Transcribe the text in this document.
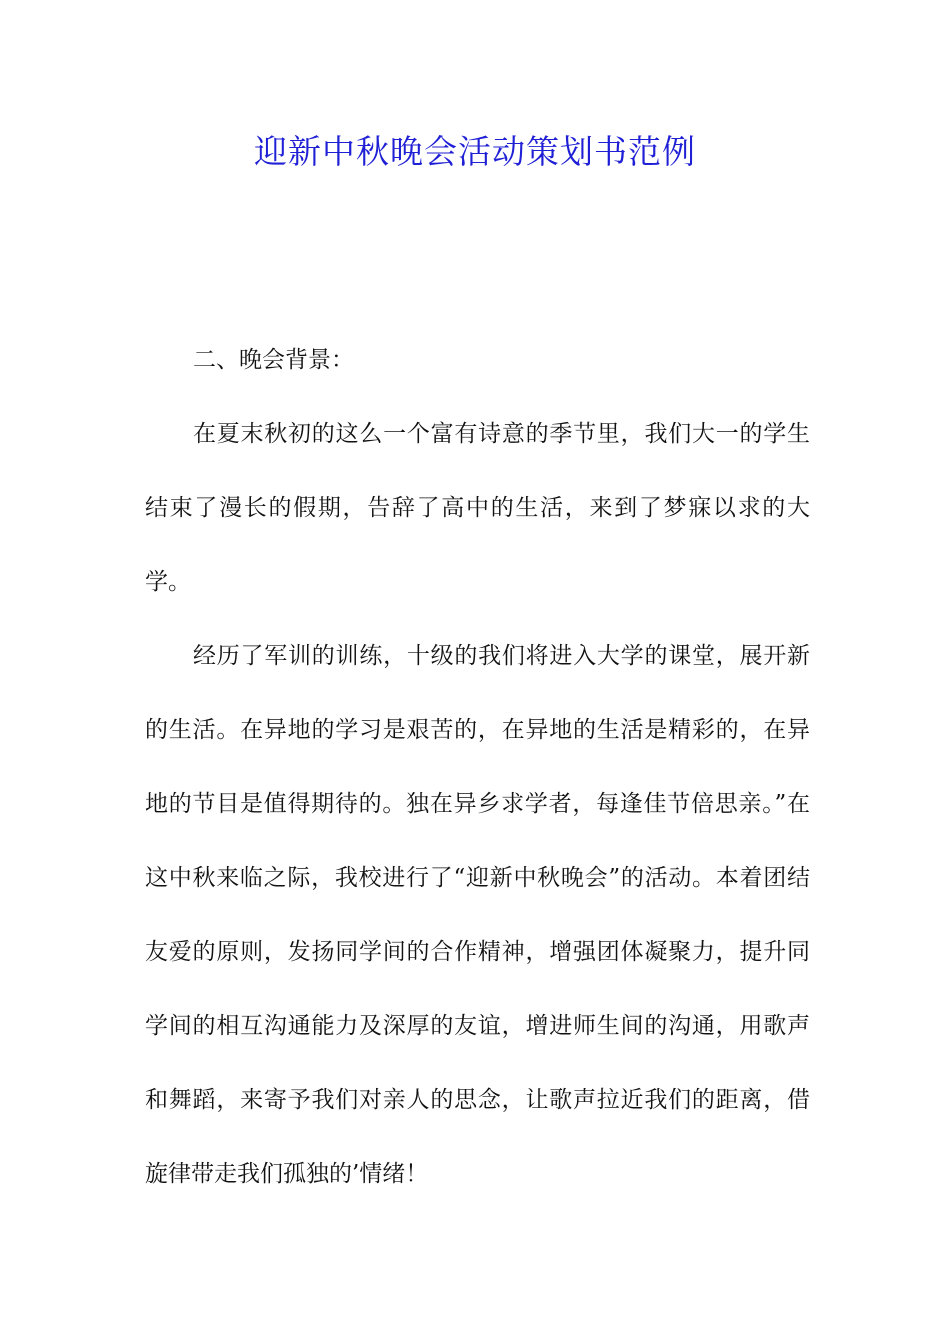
迎新中秋晚会活动策划书范例
二、晚会背景：

在夏末秋初的这么一个富有诗意的季节里，我们大一的学生结束了漫长的假期，告辞了高中的生活，来到了梦寐以求的大学。

经历了军训的训练，十级的我们将进入大学的课堂，展开新的生活。在异地的学习是艰苦的，在异地的生活是精彩的，在异地的节目是值得期待的。独在异乡求学者，每逢佳节倍思亲。”在这中秋来临之际，我校进行了“迎新中秋晚会”的活动。本着团结友爱的原则，发扬同学间的合作精神，增强团体凝聚力，提升同学间的相互沟通能力及深厚的友谊，增进师生间的沟通，用歌声和舞蹈，来寄予我们对亲人的思念，让歌声拉近我们的距离，借旋律带走我们孤独的’情绪！
